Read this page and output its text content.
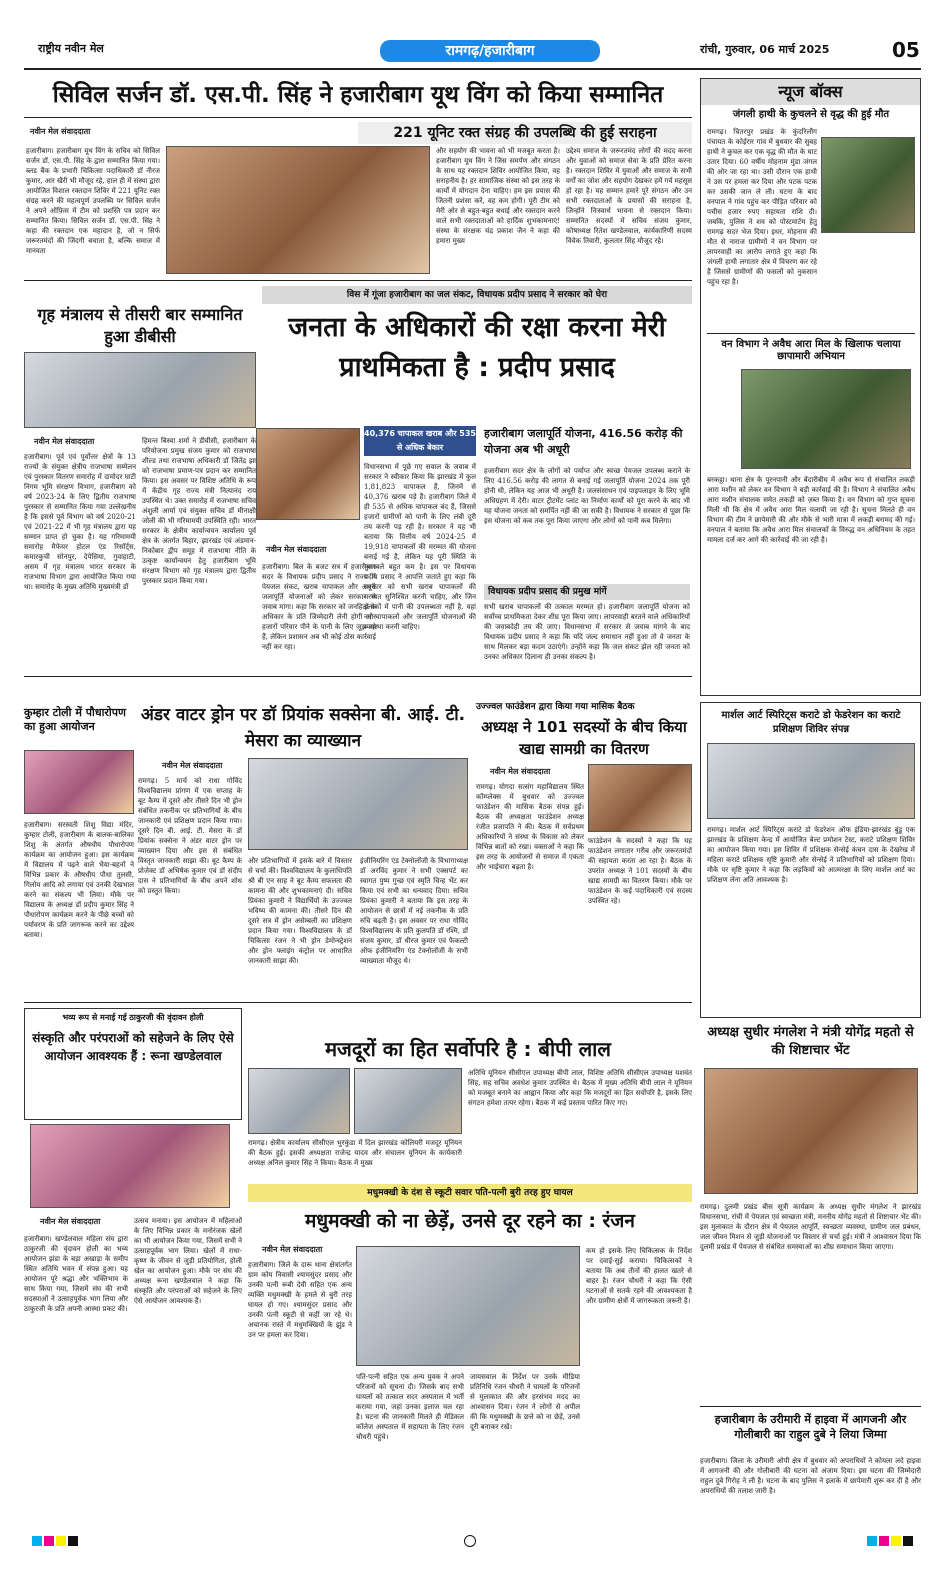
राष्ट्रीय नवीन मेल	रामगढ़/हजारीबाग	रांची, गुरुवार, 06 मार्च 2025	05
सिविल सर्जन डॉ. एस.पी. सिंह ने हजारीबाग यूथ विंग को किया सम्मानित
नवीन मेल संवाददाता	221 यूनिट रक्त संग्रह की उपलब्धि की हुई सराहना
हजारीबाग। हजारीबाग यूथ विंग के सचिव को सिविल सर्जन डॉ. एस.पी. सिंह के द्वारा सम्मानित किया गया। ब्लड बैंक के प्रभारी चिकित्सा पदाधिकारी डॉ नीरज कुमार, आर खैरी भी मौजूद रहे, हाल ही में संस्था द्वारा आयोजित विशाल रक्तदान शिविर में 221 यूनिट रक्त संग्रह करने की महत्वपूर्ण उपलब्धि पर सिविल सर्जन ने अपने ऑफ़िस में टीम को प्रशस्ति पत्र प्रदान कर सम्मानित किया। सिविल सर्जन डॉ. एस.पी. सिंह ने कहा की रक्तदान एक महादान है, जो न सिर्फ जरूरतमंदों की जिंदगी बचाता है, बल्कि समाज में मानवता
और सहयोग की भावना को भी मजबूत करता है। हजारीबाग यूथ विंग ने जिस समर्पण और संगठन के साथ यह रक्तदान शिविर आयोजित किया, वह सराहनीय है। हर सामाजिक संस्था को इस तरह के कार्यों में योगदान देना चाहिए। हम इस प्रयास की जितनी प्रशंसा करें, वह कम होगी। पूरी टीम को मेरी ओर से बहुत-बहुत बधाई और रक्तदान करने वाले सभी रक्तदाताओं को हार्दिक शुभकामनाएं! संस्था के संरक्षक चंद्र प्रकाश जैन ने कहा की हमारा मुख्य
उद्देश्य समाज के जरूरतमंद लोगों की मदद करना और युवाओं को समाज सेवा के प्रति प्रेरित करना है। रक्तदान शिविर में युवाओं और समाज के सभी वर्गों का जोश और सहयोग देखकर हमें गर्व महसूस हो रहा है। यह सम्मान हमारे पूरे संगठन और उन सभी रक्तदाताओं के प्रयासों की सराहना है, जिन्होंने निःस्वार्थ भावना से रक्तदान किया। सम्मानित सदस्यों में सचिव संजय कुमार, कोषाध्यक्ष रितेश खण्डेलवाल, कार्यकारिणी सदस्य विवेक तिवारी, कुलतार सिंह मौजूद रहे।
न्यूज बॉक्स
जंगली हाथी के कुचलने से वृद्ध की हुई मौत
रामगढ़। चितरपुर प्रखंड के कुंदरिलौंग पंचायत के कोईरार गांव में बुधवार की सुबह हाथी ने कुचल कर एक वृद्ध की मौत के घाट उतार दिया। 60 वर्षीय मोहनाम मुंडा जंगल की ओर जा रहा था। उसी दौरान एक हाथी ने उस पर हमला कर दिया और पटक पटक कर उसकी जान ले ली। घटना के बाद वनपाल ने गांव पहुंच कर पीड़ित परिवार को पचीस हजार रुपए सहायता राशि दी। जबकि, पुलिस ने शव को पोस्टमार्टम हेतु रामगढ़ सदर भेज दिया। इधर, मोहनाम की मौत से नाराज ग्रामीणों ने वन विभाग पर लापरवाही का आरोप लगाते हुए कहा कि जंगली हाथी लगातार क्षेत्र में विचरण कर रहे हैं जिससे ग्रामीणों की फसलों को नुकसान पहुंच रहा है।
वन विभाग ने अवैध आरा मिल के खिलाफ चलाया छापामारी अभियान
बरकट्ठा। थाना क्षेत्र के पूरनपानी और बेंदारीबीघ में अवैध रूप से संचालित लकड़ी आरा मशीन को लेकर वन विभाग ने बड़ी कार्रवाई की है। विभाग ने संचालित अवैध आरा मशीन संचालक समेत लकड़ी को ज़ब्त किया है। वन विभाग को गुप्त सूचना मिली थी कि क्षेत्र में अवैध आरा मिल चलायी जा रही है। सूचना मिलते ही वन विभाग की टीम ने छापेमारी की और मौके से भारी मात्रा में लकड़ी बरामद की गई। वनपाल ने बताया कि अवैध आरा मिल संचालकों के विरुद्ध वन अधिनियम के तहत मामला दर्ज कर आगे की कार्रवाई की जा रही है।
गृह मंत्रालय से तीसरी बार सम्मानित हुआ डीबीसी
नवीन मेल संवाददाता
हजारीबाग। पूर्व एवं पूर्वोत्तर क्षेत्रों के 13 राज्यों के संयुक्त क्षेत्रीय राजभाषा सम्मेलन एवं पुरस्कार वितरण समारोह में दामोदर घाटी निगम भूमि संरक्षण विभाग, हजारीबाग को वर्ष 2023-24 के लिए द्वितीय राजभाषा पुरस्कार से सम्मानित किया गया उल्लेखनीय है कि इससे पूर्व विभाग को वर्ष 2020-21 एवं 2021-22 में भी गृह मंत्रालय द्वारा यह सम्मान प्राप्त हो चुका है। यह गरिमामयी समारोह मैफेयर होटल एंड रिसॉर्ट्स, कमारकुची सोनपुर, देपेसिया, गुवाहाटी, असम में गृह मंत्रालय भारत सरकार के राजभाषा विभाग द्वारा आयोजित किया गया था। समारोह के मुख्य अतिथि मुख्यमंत्री डॉ
हिमन्त बिस्वा शर्मा ने डीवीसी, हजारीबाग के परियोजना प्रमुख संजय कुमार को राजभाषा शील्ड तथा राजभाषा अधिकारी डॉ जितेंद्र झा को राजभाषा प्रमाण-पत्र प्रदान कर सम्मानित किया। इस अवसर पर विशिष्ट अतिथि के रूप में केंद्रीय गृह राज्य मंत्री नित्यानंद राय उपस्थित थे। उक्त समारोह में राजभाषा सचिव अंशुली आर्या एवं संयुक्त सचिव डॉ मीनाक्षी जोली की भी गरिमामयी उपस्थिति रही। भारत सरकार के क्षेत्रीय कार्यान्वयन कार्यालय पूर्व क्षेत्र के अंतर्गत बिहार, झारखंड एवं अंडमान-निकोबार द्वीप समूह में राजभाषा नीति के उत्कृष्ट कार्यान्वयन हेतु हजारीबाग भूमि संरक्षण विभाग को गृह मंत्रालय द्वारा द्वितीय पुरस्कार प्रदान किया गया।
विस में गूंजा हजारीबाग का जल संकट, विधायक प्रदीप प्रसाद ने सरकार को घेरा
जनता के अधिकारों की रक्षा करना मेरी प्राथमिकता है : प्रदीप प्रसाद
नवीन मेल संवाददाता
40,376 चापाकल खराब और 535 से अधिक बेकार
हजारीबाग जलापूर्ति योजना, 416.56 करोड़ की योजना अब भी अधूरी
हजारीबाग। बिल के बजट सत्र में हजारीबाग सदर के विधायक प्रदीप प्रसाद ने राज्य में पेयजल संकट, खराब चापाकल और अधूरी जलापूर्ति योजनाओं को लेकर सरकार से जवाब मांगा। कहा कि सरकार को जनहितों के अधिकार के प्रति जिम्मेदारी लेनी होगी और हजारों परिवार पीने के पानी के लिए जूझ रहे हैं, लेकिन प्रशासन अब भी कोई ठोस कार्रवाई नहीं कर रहा।
विधानसभा में पूछे गए सवाल के जवाब में सरकार ने स्वीकार किया कि झारखंड में कुल 1,81,823 चापाकल हैं, जिनमें से 40,376 खराब पड़े हैं। हजारीबाग जिले में ही 535 से अधिक चापाकल बंद हैं, जिससे हजारों ग्रामीणों को पानी के लिए लंबी दूरी तय करनी पड़ रही है। सरकार ने यह भी बताया कि वित्तीय वर्ष 2024-25 में 19,918 चापाकलों की मरम्मत की योजना बनाई गई है, लेकिन यह पूरी स्थिति के मुकाबले बहुत कम है। इस पर विधायक प्रदीप प्रसाद ने आपत्ति जताते हुए कहा कि सरकार को सभी खराब चापाकलों की मरम्मत सुनिश्चित करनी चाहिए, और जिन इलाकों में पानी की उपलब्धता नहीं है, वहां नए चापाकलों और जलापूर्ति योजनाओं की व्यवस्था करनी चाहिए।
हजारीबाग सदर क्षेत्र के लोगों को पर्याप्त और स्वच्छ पेयजल उपलब्ध कराने के लिए 416.56 करोड़ की लागत से बनाई गई जलापूर्ति योजना 2024 तक पूरी होनी थी, लेकिन यह आज भी अधूरी है। जलसंसाधन एवं पाइपलाइन के लिए भूमि अधिग्रहण में देरी। वाटर ट्रीटमेंट प्लांट का निर्माण कार्यों को पूरा करने के बाद भी यह योजना जनता को समर्पित नहीं की जा सकी है। विधायक ने सरकार से पूछा कि इस योजना को कब तक पूरा किया जाएगा और लोगों को पानी कब मिलेगा।
विधायक प्रदीप प्रसाद की प्रमुख मांगें
सभी खराब चापाकलों की तत्काल मरम्मत हो। हजारीबाग जलापूर्ति योजना को सर्वोच्च प्राथमिकता देकर शीघ्र पूरा किया जाए। लापरवाही बरतने वाले अधिकारियों की जवाबदेही तय की जाए। विधानसभा में सरकार से जवाब मांगने के बाद विधायक प्रदीप प्रसाद ने कहा कि यदि जल्द समाधान नहीं हुआ तो वे जनता के साथ मिलकर बड़ा कदम उठाएंगे। उन्होंने कहा कि जल संकट झेल रही जनता को उनका अधिकार दिलाना ही उनका संकल्प है।
कुम्हार टोली में पौधारोपण का हुआ आयोजन
हजारीबाग। सरस्वती शिशु विद्या मंदिर, कुम्हार टोली, हजारीबाग के बालक-बालिका शिशु के अंतर्गत औषधीय पौधारोपण कार्यक्रम का आयोजन हुआ। इस कार्यक्रम में विद्यालय में पढ़ने वाले भैया-बहनों ने विभिन्न प्रकार के औषधीय पौधा तुलसी, गिलोय आदि को लगाया एवं उनकी देखभाल करने का संकल्प भी लिया। मौके पर विद्यालय के अध्यक्ष डॉ प्रदीप कुमार सिंह ने पौधारोपण कार्यक्रम करने के पीछे बच्चों को पर्यावरण के प्रति जागरूक करने का उद्देश्य बताया।
अंडर वाटर ड्रोन पर डॉ प्रियांक सक्सेना बी. आई. टी. मेसरा का व्याख्यान
नवीन मेल संवाददाता
रामगढ़। 5 मार्च को राधा गोविंद विश्वविद्यालय प्रांगण में एक सप्ताह के बूट कैम्प में दूसरे और तीसरे दिन भी ड्रोन संबंधित तकनीक पर प्रतिभागियों के बीच जानकारी एवं प्रशिक्षण प्रदान किया गया। दूसरे दिन बी. आई. टी. मेसरा के डॉ प्रियांक सक्सेना ने अंडर वाटर ड्रोन पर व्याख्यान दिया और इस से संबंधित विस्तृत जानकारी साझा की। बूट कैम्प के प्रोजेक्ट डॉ अभिषेक कुमार एवं डॉ संदीप दास ने प्रतिभागियों के बीच अपने शोध को प्रस्तुत किया।
और प्रतिभागियों में इसके बारे में विस्तार से चर्चा की। विश्वविद्यालय के कुलाधिपति श्री बी एन साह ने बूट कैम्प सफलता की कामना की और शुभकामनाएं दी। सचिव प्रियंका कुमारी ने विद्यार्थियों के उज्ज्वल भविष्य की कामना की। तीसरे दिन की दूसरे सत्र में ड्रोन असेम्बली का प्रशिक्षण प्रदान किया गया। विश्वविद्यालय के डॉ चिकित्सा रंजन ने भी ड्रोन डेमोन्स्ट्रेशन और ड्रोन फ्लाइंग कंट्रोल पर आधारित जानकारी साझा की।
इंजीनियरिंग एंड टेक्नोलॉजी के विभागाध्यक्ष डॉ अरविंद कुमार ने सभी एक्सपर्ट का स्वागत पुष्प गुच्छ एवं स्मृति चिन्ह भेंट कर किया एवं सभी का धन्यवाद दिया। सचिव प्रियंका कुमारी ने बताया कि इस तरह के आयोजन से छात्रों में नई तकनीक के प्रति रुचि बढ़ती है। इस अवसर पर राधा गोविंद विश्वविद्यालय के प्रति कुलपति डॉ रश्मि, डॉ संजय कुमार, डॉ धीरज कुमार एवं फैकल्टी ऑफ इंजीनियरिंग एंड टेक्नोलॉजी के सभी व्याख्याता मौजूद थे।
उज्ज्वल फाउंडेशन द्वारा किया गया मासिक बैठक
अध्यक्ष ने 101 सदस्यों के बीच किया खाद्य सामग्री का वितरण
नवीन मेल संवाददाता
रामगढ़। योगदा सत्संग महाविद्यालय स्थित कॉम्प्लेक्स में बुधवार को उज्ज्वल फाउंडेशन की मासिक बैठक संपन्न हुई। बैठक की अध्यक्षता फाउंडेशन अध्यक्ष रंजीत प्रजापति ने की। बैठक में सर्वप्रथम अधिकारियों ने संस्था के विकास को लेकर विभिन्न बातों को रखा। वक्ताओं ने कहा कि इस तरह के आयोजनों से समाज में एकता और भाईचारा बढ़ता है।
फाउंडेशन के सदस्यों ने कहा कि यह फाउंडेशन लगातार गरीब और जरूरतमंदों की सहायता करता आ रहा है। बैठक के उपरांत अध्यक्ष ने 101 सदस्यों के बीच खाद्य सामग्री का वितरण किया। मौके पर फाउंडेशन के कई पदाधिकारी एवं सदस्य उपस्थित रहे।
मार्शल आर्ट स्पिरिट्स कराटे डो फेडरेशन का कराटे प्रशिक्षण शिविर संपन्न
रामगढ़। मार्शल आर्ट स्पिरिट्स कराटे डो फेडरेशन ऑफ इंडिया-झारखंड बुंडू एक झारखंड के प्रशिक्षण केन्द्र में आयोजित बेल्ट प्रमोशन टेस्ट, कराटे प्रशिक्षण शिविर का आयोजन किया गया। इस शिविर में प्रशिक्षक सेन्सेई कंचन दास के देखरेख में महिला कराटे प्रशिक्षक सृष्टि कुमारी और सेन्सेई ने प्रतिभागियों को प्रशिक्षण दिया। मौके पर सृष्टि कुमार ने कहा कि लड़कियों को आत्मरक्षा के लिए मार्शल आर्ट का प्रशिक्षण लेना अति आवश्यक है।
भव्य रूप से मनाई गई ठाकुरजी की वृंदावन होली
संस्कृति और परंपराओं को सहेजने के लिए ऐसे आयोजन आवश्यक हैं : रूना खण्डेलवाल
नवीन मेल संवाददाता
हजारीबाग। खण्डेलवाल महिला संघ द्वारा ठाकुरजी की वृंदावन होली का भव्य आयोजन झंडा के बड़ा अखाड़ा के समीप स्थित अतिथि भवन में संपन्न हुआ। यह आयोजन पूरे श्रद्धा और भक्तिभाव के साथ किया गया, जिसमें संघ की सभी सदस्याओं ने उत्साहपूर्वक भाग लिया और ठाकुरजी के प्रति अपनी आस्था प्रकट की।
उत्सव मनाया। इस आयोजन में महिलाओं के लिए विभिन्न प्रकार के मनोरंजक खेलों का भी आयोजन किया गया, जिसमें सभी ने उत्साहपूर्वक भाग लिया। खेलों में राधा-कृष्ण के जीवन से जुड़ी प्रतियोगिता, होली खेल का आयोजन हुआ। मौके पर संघ की अध्यक्ष रूना खण्डेलवाल ने कहा कि संस्कृति और परंपराओं को सहेजने के लिए ऐसे आयोजन आवश्यक हैं।
मजदूरों का हित सर्वोपरि है : बीपी लाल
रामगढ़। क्षेत्रीय कार्यालय सीसीएल भुरकुंडा में दिल झारखंड कोलियरी मजदूर यूनियन की बैठक हुई। इसकी अध्यक्षता राजेन्द्र यादव और संचालन यूनियन के कार्यकारी अध्यक्ष अनिल कुमार सिंह ने किया। बैठक में मुख्य
अतिथि यूनियन सीसीएल उपाध्यक्ष बीपी लाल, विशिष्ट अतिथि सीसीएल उपाध्यक्ष यशवंत सिंह, सह सचिव अवधेश कुमार उपस्थित थे। बैठक में मुख्य अतिथि बीपी लाल ने यूनियन को मजबूत बनाने का आह्वान किया और कहा कि मजदूरों का हित सर्वोपरि है, इसके लिए संगठन हमेशा तत्पर रहेगा। बैठक में कई प्रस्ताव पारित किए गए।
मधुमक्खी के दंश से स्कूटी सवार पति-पत्नी बुरी तरह हुए घायल
मधुमक्खी को ना छेड़ें, उनसे दूर रहने का : रंजन
नवीन मेल संवाददाता
हजारीबाग। जिले के दारू थाना क्षेत्रांतर्गत ग्राम कोय निवासी श्यामसुंदर प्रसाद और उनकी पत्नी रूबी देवी सहित एक अन्य व्यक्ति मधुमक्खी के हमले से बुरी तरह घायल हो गए। श्यामसुंदर प्रसाद और उनकी पत्नी स्कूटी से कहीं जा रहे थे। अचानक रास्ते में मधुमक्खियों के झुंड ने उन पर हमला कर दिया।
पति-पत्नी सहित एक अन्य युवक ने अपने परिजनों को सूचना दी। जिसके बाद सभी घायलों को तत्काल सदर अस्पताल में भर्ती कराया गया, जहां उनका इलाज चल रहा है। घटना की जानकारी मिलते ही मेडिकल कॉलेज अस्पताल में सहायता के लिए रंजन चौधरी पहुंचे।
जायसवाल के निर्देश पर उनके मीडिया प्रतिनिधि रंजन चौधरी ने घायलों के परिजनों से मुलाकात की और हरसंभव मदद का आश्वासन दिया। रंजन ने लोगों से अपील की कि मधुमक्खी के छत्ते को ना छेड़ें, उनसे दूरी बनाकर रखें।
कम हो इसके लिए चिकित्सक के निर्देश पर दवाई-सुई कराया। चिकित्सकों ने बताया कि अब तीनों की हालत खतरे से बाहर है। रंजन चौधरी ने कहा कि ऐसी घटनाओं से सतर्क रहने की आवश्यकता है और ग्रामीण क्षेत्रों में जागरूकता जरूरी है।
अध्यक्ष सुधीर मंगलेश ने मंत्री योगेंद्र महतो से की शिष्टाचार भेंट
रामगढ़। दुलमी प्रखंड बीस सूत्री कार्यक्रम के अध्यक्ष सुधीर मंगलेश ने झारखंड विधानसभा, रांची में पेयजल एवं स्वच्छता मंत्री, मननीय योगेंद्र महतो से शिष्टाचार भेंट की। इस मुलाकात के दौरान क्षेत्र में पेयजल आपूर्ति, स्वच्छता व्यवस्था, ग्रामीण जल प्रबंधन, जल जीवन मिशन से जुड़ी योजनाओं पर विस्तार से चर्चा हुई। मंत्री ने आश्वासन दिया कि दुलमी प्रखंड में पेयजल से संबंधित समस्याओं का शीघ्र समाधान किया जाएगा।
हजारीबाग के उरीमारी में हाइवा में आगजनी और गोलीबारी का राहुल दुबे ने लिया जिम्मा
हजारीबाग। जिला के उरीमारी ओपी क्षेत्र में बुधवार को अपराधियों ने कोयला लदे हाइवा में आगजनी की और गोलीबारी की घटना को अंजाम दिया। इस घटना की जिम्मेदारी राहुल दुबे गिरोह ने ली है। घटना के बाद पुलिस ने इलाके में छापेमारी शुरू कर दी है और अपराधियों की तलाश जारी है।
